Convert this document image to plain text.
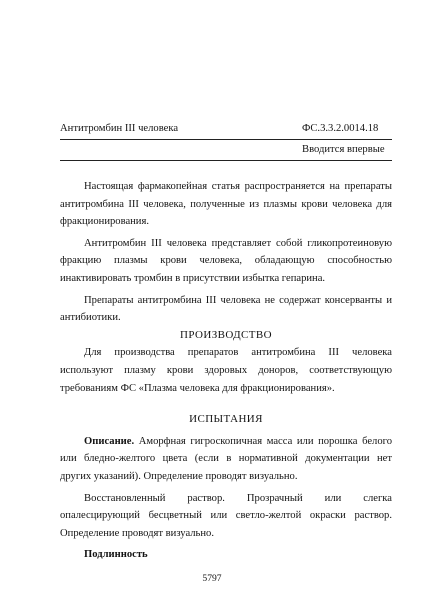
Антитромбин III человека	ФС.3.3.2.0014.18
Вводится впервые

Настоящая фармакопейная статья распространяется на препараты антитромбина III человека, полученные из плазмы крови человека для фракционирования.

Антитромбин III человека представляет собой гликопротеиновую фракцию плазмы крови человека, обладающую способностью инактивировать тромбин в присутствии избытка гепарина.

Препараты антитромбина III человека не содержат консерванты и антибиотики.

ПРОИЗВОДСТВО

Для производства препаратов антитромбина III человека используют плазму крови здоровых доноров, соответствующую требованиям ФС «Плазма человека для фракционирования».

ИСПЫТАНИЯ

Описание. Аморфная гигроскопичная масса или порошка белого или бледно-желтого цвета (если в нормативной документации нет других указаний). Определение проводят визуально.

Восстановленный раствор. Прозрачный или слегка опалесцирующий бесцветный или светло-желтой окраски раствор. Определение проводят визуально.

Подлинность

5797
